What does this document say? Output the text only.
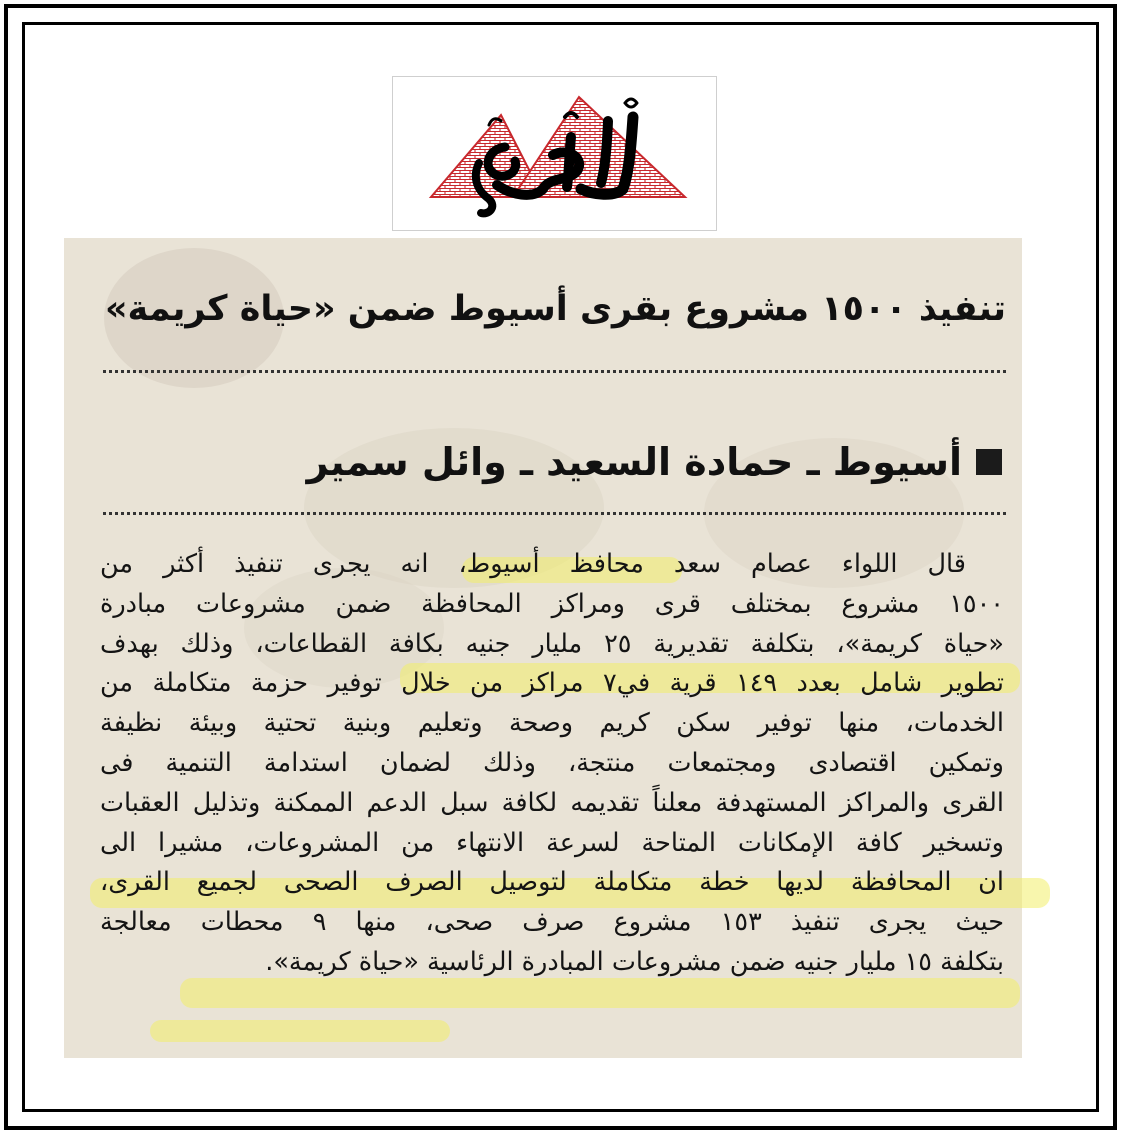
تنفيذ ١٥٠٠ مشروع بقرى أسيوط ضمن «حياة كريمة»
أسيوط ـ حمادة السعيد ـ وائل سمير
قال اللواء عصام سعد محافظ أسيوط، انه يجرى تنفيذ أكثر من
١٥٠٠ مشروع بمختلف قرى ومراكز المحافظة ضمن مشروعات مبادرة
«حياة كريمة»، بتكلفة تقديرية ٢٥ مليار جنيه بكافة القطاعات، وذلك بهدف
تطوير شامل بعدد ١٤٩ قرية في٧ مراكز من خلال توفير حزمة متكاملة من
الخدمات، منها توفير سكن كريم وصحة وتعليم وبنية تحتية وبيئة نظيفة
وتمكين اقتصادى ومجتمعات منتجة، وذلك لضمان استدامة التنمية فى
القرى والمراكز المستهدفة معلناً تقديمه لكافة سبل الدعم الممكنة وتذليل العقبات
وتسخير كافة الإمكانات المتاحة لسرعة الانتهاء من المشروعات، مشيرا الى
ان المحافظة لديها خطة متكاملة لتوصيل الصرف الصحى لجميع القرى،
حيث يجرى تنفيذ ١٥٣ مشروع صرف صحى، منها ٩ محطات معالجة
بتكلفة ١٥ مليار جنيه ضمن مشروعات المبادرة الرئاسية «حياة كريمة».
